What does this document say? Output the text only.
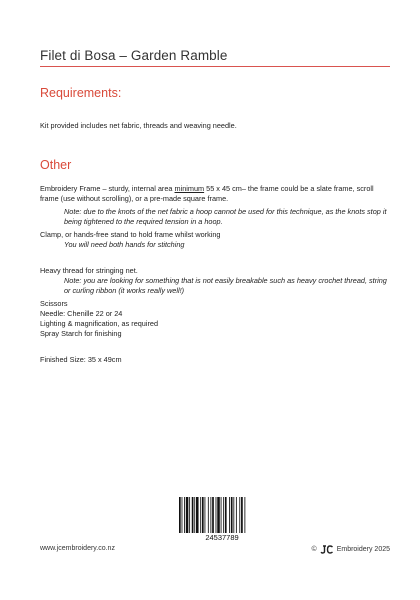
Filet di Bosa – Garden Ramble
Requirements:
Kit provided includes net fabric, threads and weaving needle.
Other
Embroidery Frame – sturdy, internal area minimum 55 x 45 cm– the frame could be a slate frame, scroll frame (use without scrolling), or a pre-made square frame.
Note: due to the knots of the net fabric a hoop cannot be used for this technique, as the knots stop it being tightened to the required tension in a hoop.
Clamp, or hands-free stand to hold frame whilst working
You will need both hands for stitching
Heavy thread for stringing net.
Note: you are looking for something that is not easily breakable such as heavy crochet thread, string or curling ribbon (it works really well!)
Scissors
Needle: Chenille 22 or 24
Lighting & magnification, as required
Spray Starch for finishing
Finished Size: 35 x 49cm
24537789
www.jcembroidery.co.nz	©	Embroidery 2025
